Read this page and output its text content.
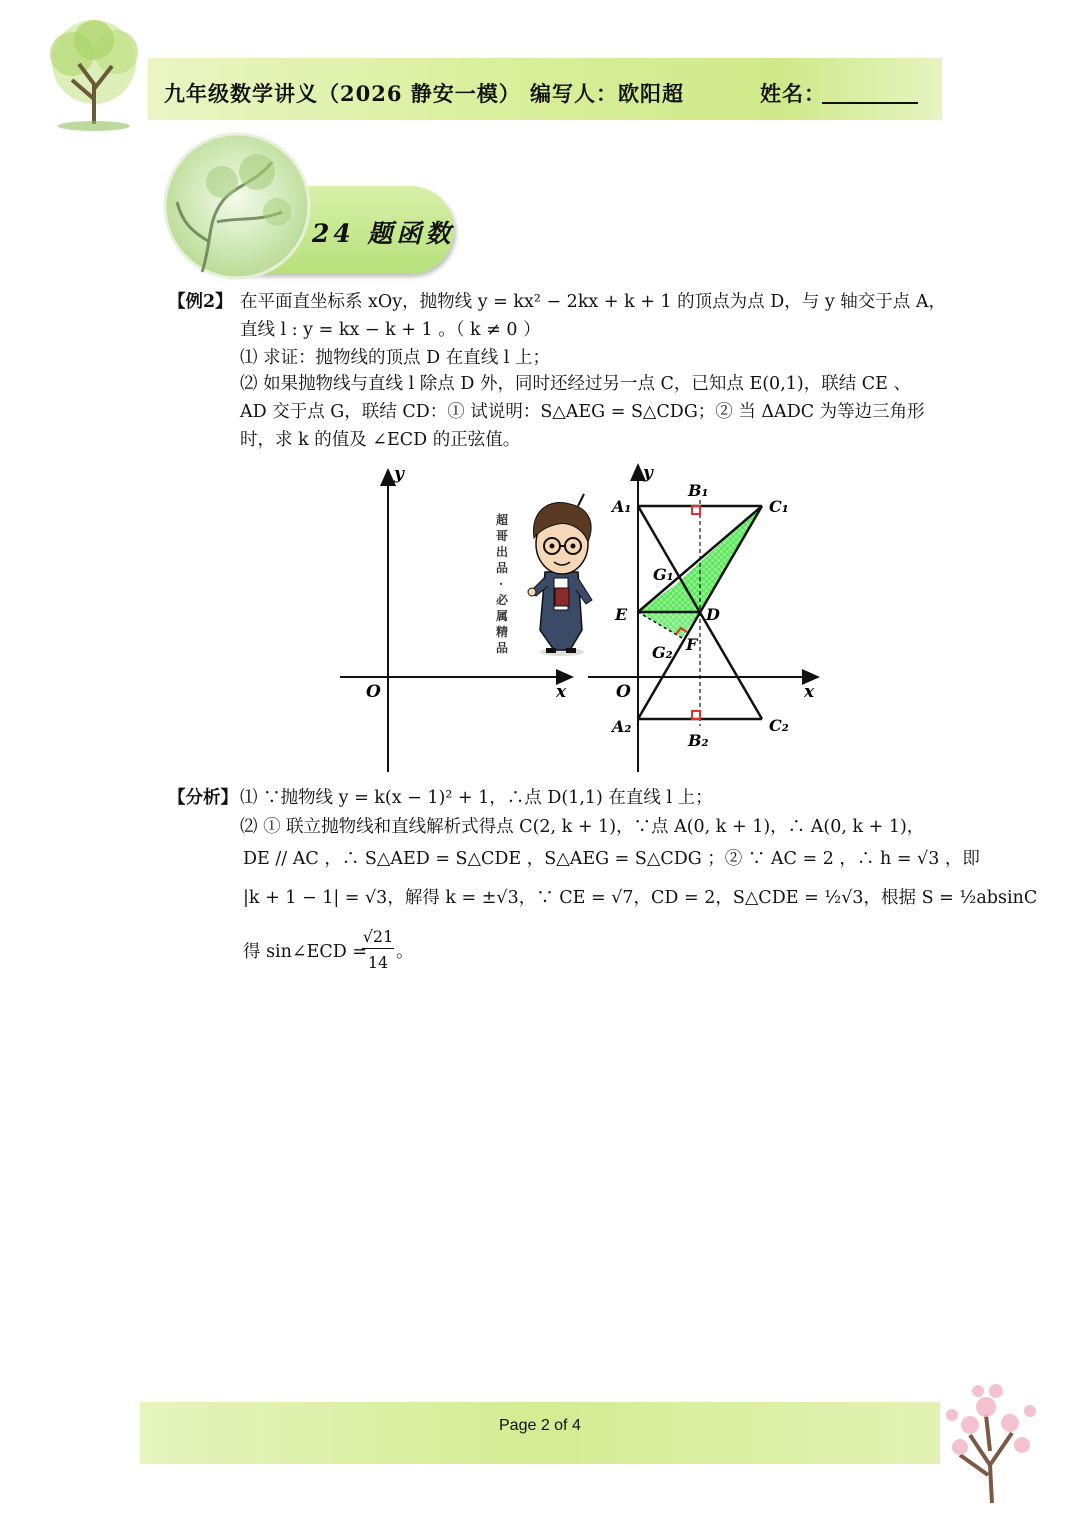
九年级数学讲义（2026 静安一模） 编写人：欧阳超	姓名：
24 题函数
【例2】 在平面直坐标系 xOy，抛物线 y = kx² − 2kx + k + 1 的顶点为点 D，与 y 轴交于点 A，
直线 l : y = kx − k + 1 。（ k ≠ 0 ）
⑴ 求证：抛物线的顶点 D 在直线 l 上；
⑵ 如果抛物线与直线 l 除点 D 外，同时还经过另一点 C，已知点 E(0,1)，联结 CE 、
AD 交于点 G，联结 CD：① 试说明：S△AEG = S△CDG；② 当 ΔADC 为等边三角形
时，求 k 的值及 ∠ECD 的正弦值。
y
O	x
y
O	x
A₁
B₁
C₁
G₁
E	D
F
G₂
A₂
B₂
C₂
超
哥
出
品
·
必
属
精
品
【分析】 ⑴ ∵抛物线 y = k(x − 1)² + 1，∴点 D(1,1) 在直线 l 上；
⑵ ① 联立抛物线和直线解析式得点 C(2, k + 1)，∵点 A(0, k + 1)，∴ A(0, k + 1)，
DE // AC ，∴ S△AED = S△CDE ，S△AEG = S△CDG ；② ∵ AC = 2 ，∴ h = √3 ，即
|k + 1 − 1| = √3，解得 k = ±√3，∵ CE = √7，CD = 2，S△CDE = ½√3，根据 S = ½absinC
得 sin∠ECD =
√21
14
。
Page 2 of 4
